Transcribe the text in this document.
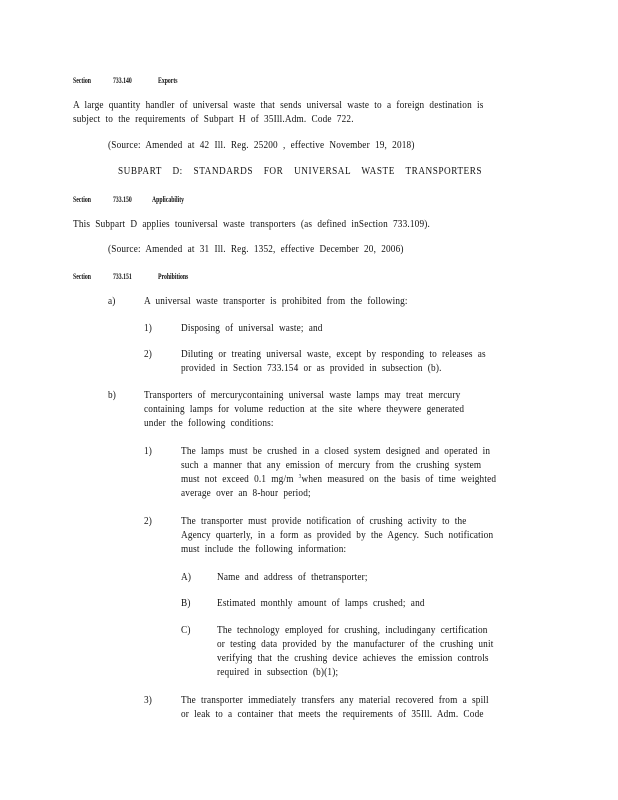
Section	733.140	Exports
A large quantity handler of universal waste that sends universal waste to a foreign destination is
subject to the requirements of Subpart H of 35Ill.Adm. Code 722.
(Source: Amended at 42 Ill. Reg. 25200 , effective November 19, 2018)
SUBPART D: STANDARDS FOR UNIVERSAL WASTE TRANSPORTERS
Section	733.150	Applicability
This Subpart D applies touniversal waste transporters (as defined inSection 733.109).
(Source: Amended at 31 Ill. Reg. 1352, effective December 20, 2006)
Section	733.151	Prohibitions
a)	A universal waste transporter is prohibited from the following:
1)	Disposing of universal waste; and
2)	Diluting or treating universal waste, except by responding to releases as
provided in Section 733.154 or as provided in subsection (b).
b)	Transporters of mercurycontaining universal waste lamps may treat mercury
containing lamps for volume reduction at the site where theywere generated
under the following conditions:
1)	The lamps must be crushed in a closed system designed and operated in
such a manner that any emission of mercury from the crushing system
must not exceed 0.1 mg/m $^3$when measured on the basis of time weighted
average over an 8-hour period;
2)	The transporter must provide notification of crushing activity to the
Agency quarterly, in a form as provided by the Agency. Such notification
must include the following information:
A) Name and address of thetransporter;
B)	Estimated monthly amount of lamps crushed; and
C)	The technology employed for crushing, includingany certification
or testing data provided by the manufacturer of the crushing unit
verifying that the crushing device achieves the emission controls
required in subsection (b)(1);
3)	The transporter immediately transfers any material recovered from a spill
or leak to a container that meets the requirements of 35Ill. Adm. Code
